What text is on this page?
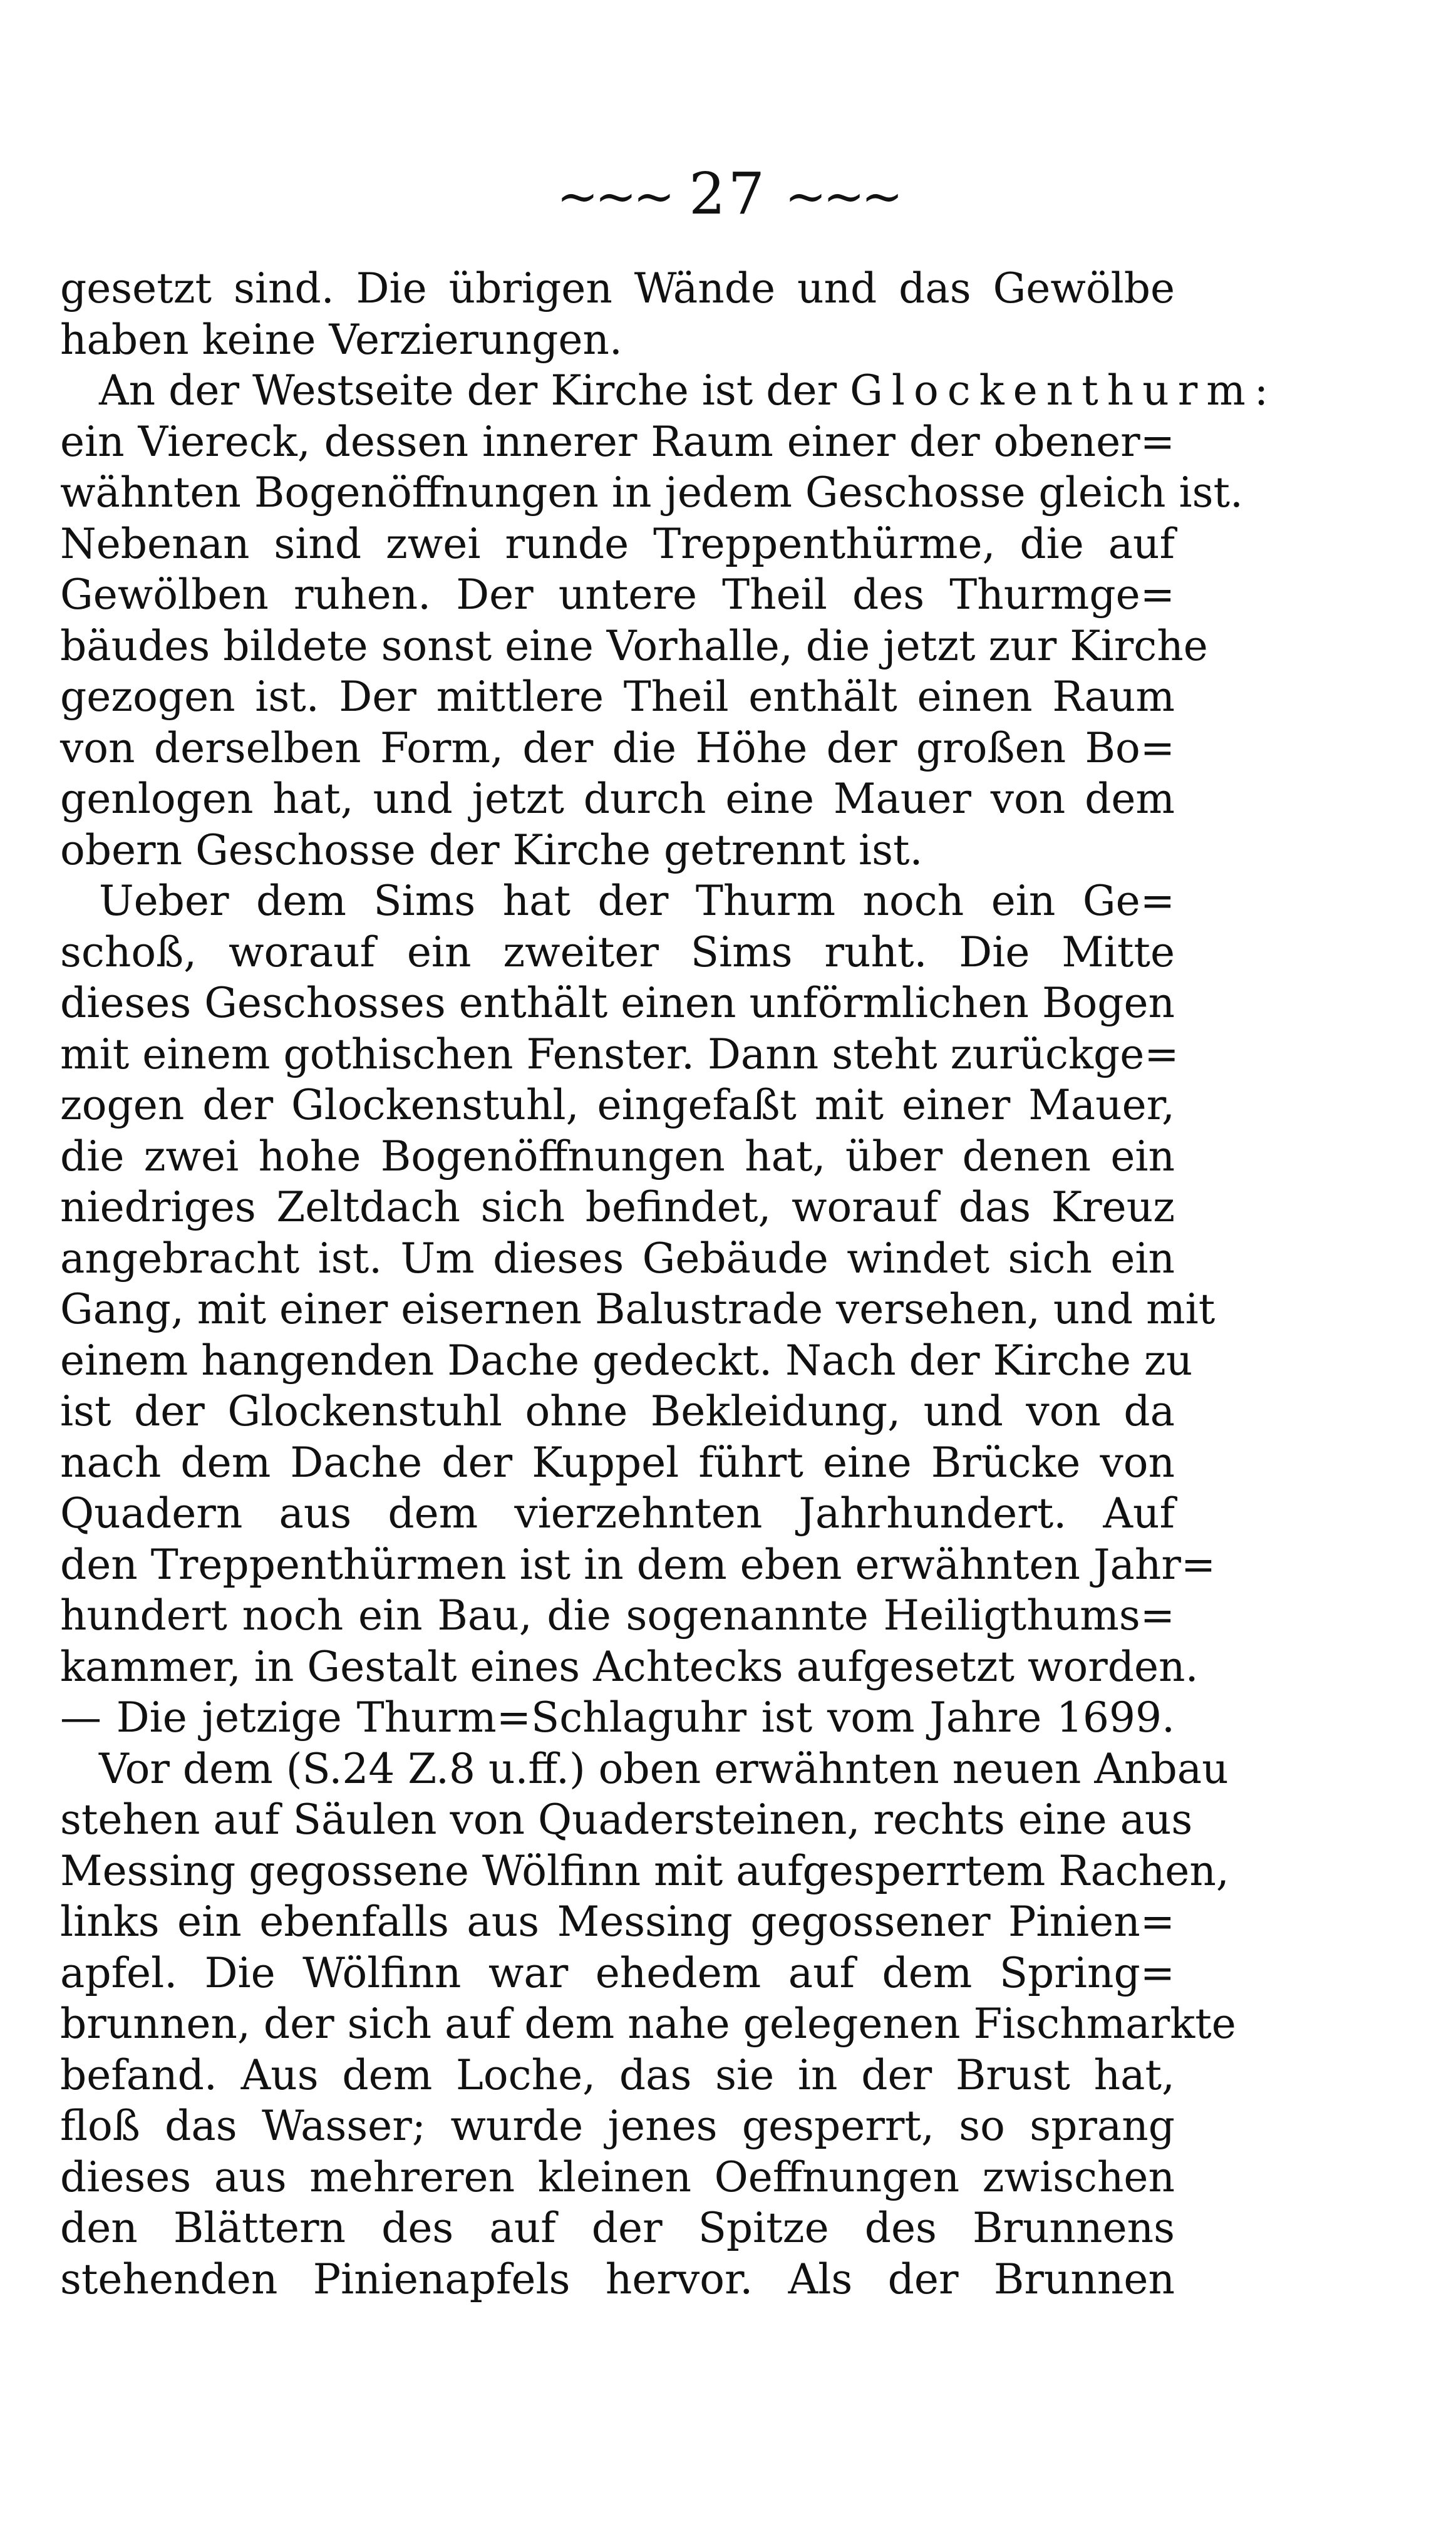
~~~ 27 ~~~
gesetzt sind. Die übrigen Wände und das Gewölbe
haben keine Verzierungen.
An der Westseite der Kirche ist der Glockenthurm:
ein Viereck, dessen innerer Raum einer der obener=
wähnten Bogenöffnungen in jedem Geschosse gleich ist.
Nebenan sind zwei runde Treppenthürme, die auf
Gewölben ruhen. Der untere Theil des Thurmge=
bäudes bildete sonst eine Vorhalle, die jetzt zur Kirche
gezogen ist. Der mittlere Theil enthält einen Raum
von derselben Form, der die Höhe der großen Bo=
genlogen hat, und jetzt durch eine Mauer von dem
obern Geschosse der Kirche getrennt ist.
Ueber dem Sims hat der Thurm noch ein Ge=
schoß, worauf ein zweiter Sims ruht. Die Mitte
dieses Geschosses enthält einen unförmlichen Bogen
mit einem gothischen Fenster. Dann steht zurückge=
zogen der Glockenstuhl, eingefaßt mit einer Mauer,
die zwei hohe Bogenöffnungen hat, über denen ein
niedriges Zeltdach sich befindet, worauf das Kreuz
angebracht ist. Um dieses Gebäude windet sich ein
Gang, mit einer eisernen Balustrade versehen, und mit
einem hangenden Dache gedeckt. Nach der Kirche zu
ist der Glockenstuhl ohne Bekleidung, und von da
nach dem Dache der Kuppel führt eine Brücke von
Quadern aus dem vierzehnten Jahrhundert. Auf
den Treppenthürmen ist in dem eben erwähnten Jahr=
hundert noch ein Bau, die sogenannte Heiligthums=
kammer, in Gestalt eines Achtecks aufgesetzt worden.
— Die jetzige Thurm=Schlaguhr ist vom Jahre 1699.
Vor dem (S.24 Z.8 u.ff.) oben erwähnten neuen Anbau
stehen auf Säulen von Quadersteinen, rechts eine aus
Messing gegossene Wölfinn mit aufgesperrtem Rachen,
links ein ebenfalls aus Messing gegossener Pinien=
apfel. Die Wölfinn war ehedem auf dem Spring=
brunnen, der sich auf dem nahe gelegenen Fischmarkte
befand. Aus dem Loche, das sie in der Brust hat,
floß das Wasser; wurde jenes gesperrt, so sprang
dieses aus mehreren kleinen Oeffnungen zwischen
den Blättern des auf der Spitze des Brunnens
stehenden Pinienapfels hervor. Als der Brunnen
